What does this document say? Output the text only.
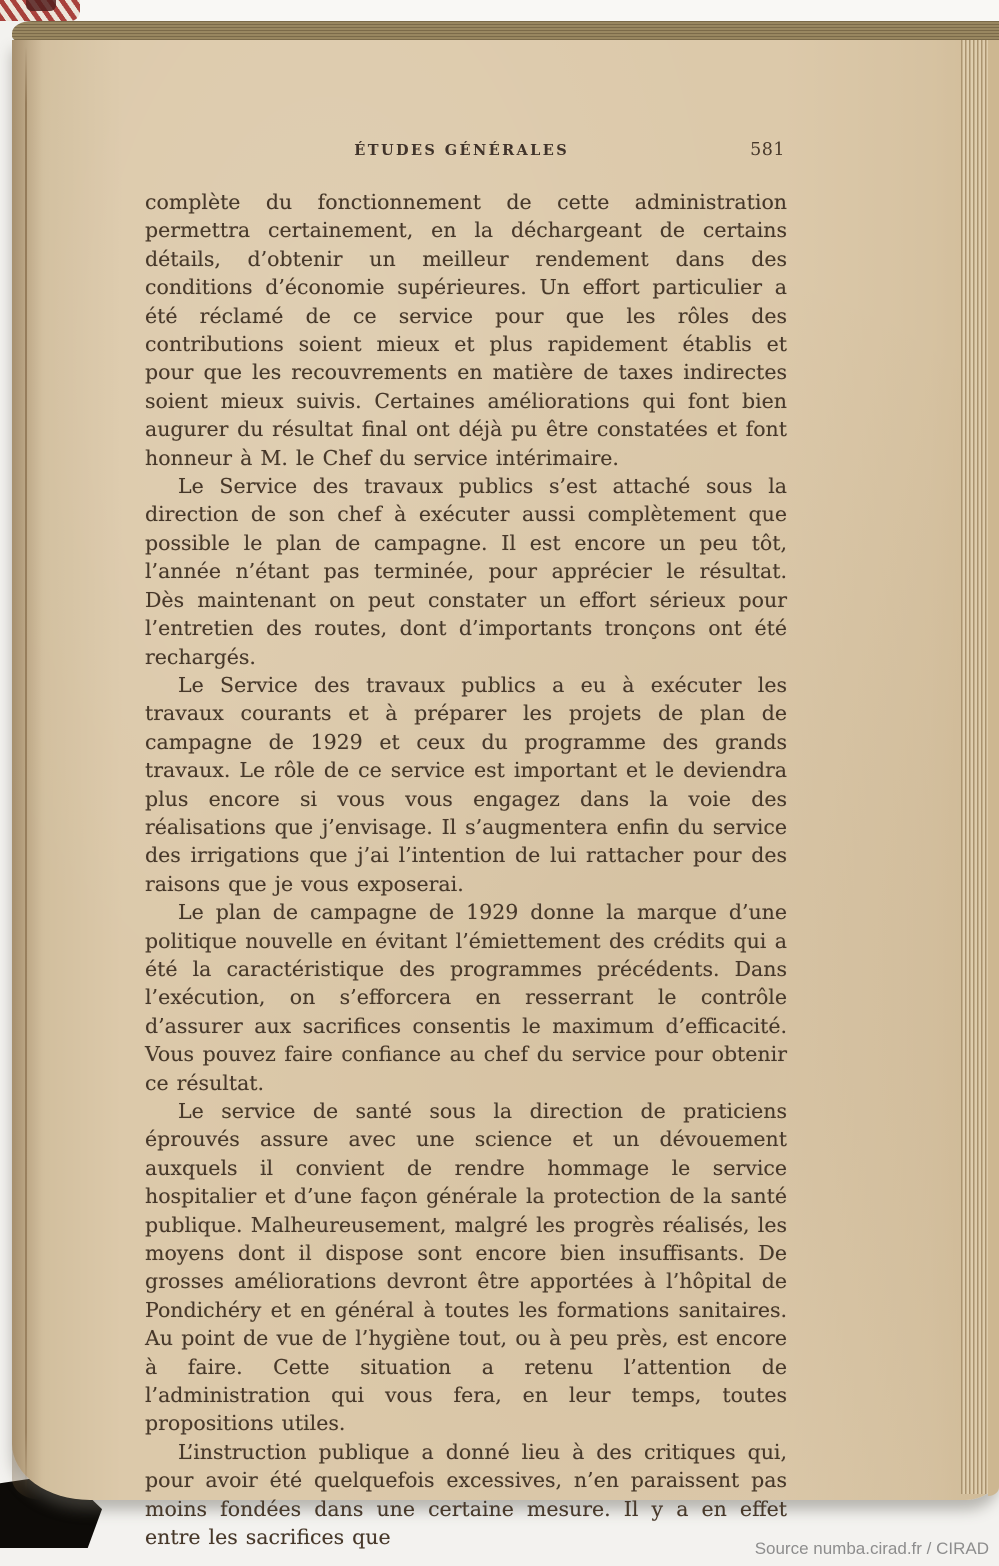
ÉTUDES GÉNÉRALES	581

complète du fonctionnement de cette administration permettra certainement, en la déchargeant de certains détails, d’obtenir un meilleur rendement dans des conditions d’économie supérieures. Un effort particulier a été réclamé de ce service pour que les rôles des contributions soient mieux et plus rapidement établis et pour que les recouvrements en matière de taxes indirectes soient mieux suivis. Certaines améliorations qui font bien augurer du résultat final ont déjà pu être constatées et font honneur à M. le Chef du service intérimaire.

Le Service des travaux publics s’est attaché sous la direction de son chef à exécuter aussi complètement que possible le plan de campagne. Il est encore un peu tôt, l’année n’étant pas terminée, pour apprécier le résultat. Dès maintenant on peut constater un effort sérieux pour l’entretien des routes, dont d’importants tronçons ont été rechargés.

Le Service des travaux publics a eu à exécuter les travaux courants et à préparer les projets de plan de campagne de 1929 et ceux du programme des grands travaux. Le rôle de ce service est important et le deviendra plus encore si vous vous engagez dans la voie des réalisations que j’envisage. Il s’augmentera enfin du service des irrigations que j’ai l’intention de lui rattacher pour des raisons que je vous exposerai.

Le plan de campagne de 1929 donne la marque d’une politique nouvelle en évitant l’émiettement des crédits qui a été la caractéristique des programmes précédents. Dans l’exécution, on s’efforcera en resserrant le contrôle d’assurer aux sacrifices consentis le maximum d’efficacité. Vous pouvez faire confiance au chef du service pour obtenir ce résultat.

Le service de santé sous la direction de praticiens éprouvés assure avec une science et un dévouement auxquels il convient de rendre hommage le service hospitalier et d’une façon générale la protection de la santé publique. Malheureusement, malgré les progrès réalisés, les moyens dont il dispose sont encore bien insuffisants. De grosses améliorations devront être apportées à l’hôpital de Pondichéry et en général à toutes les formations sanitaires. Au point de vue de l’hygiène tout, ou à peu près, est encore à faire. Cette situation a retenu l’attention de l’administration qui vous fera, en leur temps, toutes propositions utiles.

L’instruction publique a donné lieu à des critiques qui, pour avoir été quelquefois excessives, n’en paraissent pas moins fondées dans une certaine mesure. Il y a en effet entre les sacrifices que	Source numba.cirad.fr / CIRAD
